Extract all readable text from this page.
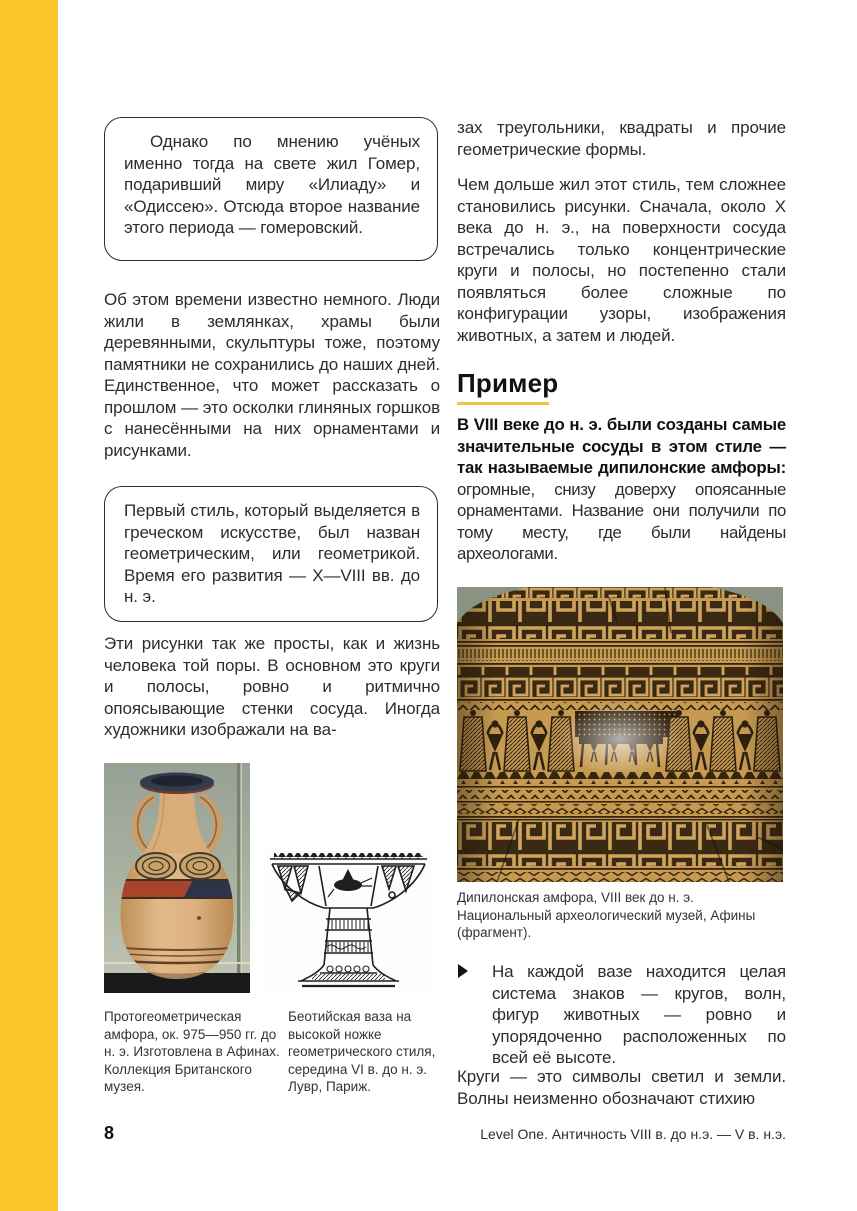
Однако по мнению учёных именно тогда на свете жил Гомер, подаривший миру «Илиаду» и «Одиссею». Отсюда второе название этого периода — гомеровский.

Об этом времени известно немного. Люди жили в землянках, храмы были деревянными, скульптуры тоже, поэтому памятники не сохранились до наших дней. Единственное, что может рассказать о прошлом — это осколки глиняных горшков с нанесёнными на них орнаментами и рисунками.

Первый стиль, который выделяется в греческом искусстве, был назван геометрическим, или геометрикой. Время его развития — X—VIII вв. до н. э.

Эти рисунки так же просты, как и жизнь человека той поры. В основном это круги и полосы, ровно и ритмично опоясывающие стенки сосуда. Иногда художники изображали на ва-

Протогеометрическая амфора, ок. 975—950 гг. до н. э. Изготовлена в Афинах. Коллекция Британского музея.

Беотийская ваза на высокой ножке геометрического стиля, середина VI в. до н. э. Лувр, Париж.

зах треугольники, квадраты и прочие геометрические формы.

Чем дольше жил этот стиль, тем сложнее становились рисунки. Сначала, около X века до н. э., на поверхности сосуда встречались только концентрические круги и полосы, но постепенно стали появляться более сложные по конфигурации узоры, изображения животных, а затем и людей.

Пример

В VIII веке до н. э. были созданы самые значительные сосуды в этом стиле — так называемые дипилонские амфоры: огромные, снизу доверху опоясанные орнаментами. Название они получили по тому месту, где были найдены археологами.

Дипилонская амфора, VIII век до н. э. Национальный археологический музей, Афины (фрагмент).

На каждой вазе находится целая система знаков — кругов, волн, фигур животных — ровно и упорядоченно расположенных по всей её высоте.

Круги — это символы светил и земли. Волны неизменно обозначают стихию

8	Level One. Античность VIII в. до н.э. — V в. н.э.
